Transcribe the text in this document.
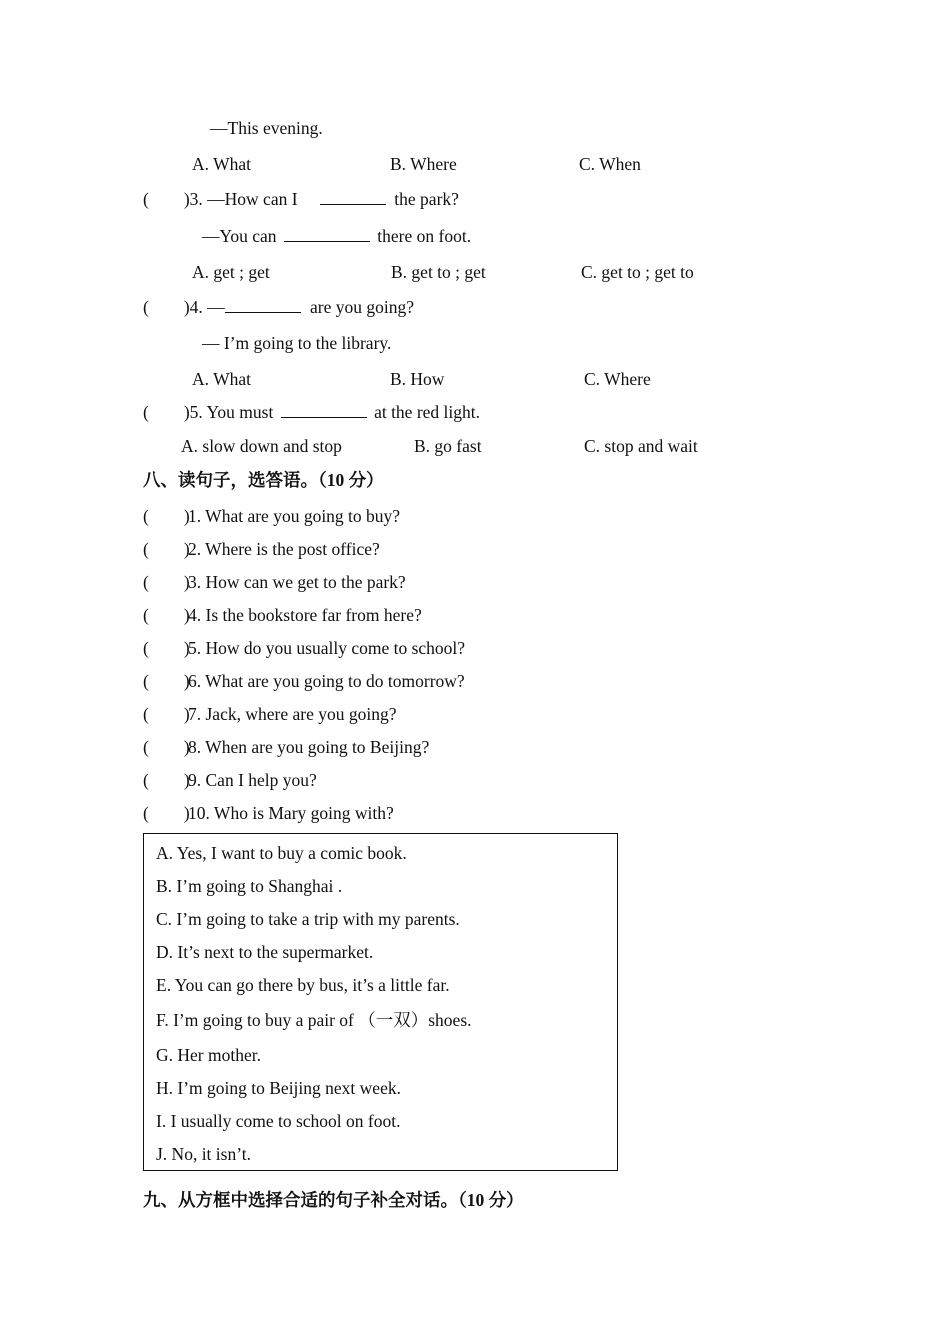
—This evening.
A. What	B. Where	C. When
(        )3. —How can I	the park?
—You can	there on foot.
A. get ; get	B. get to ; get	C. get to ; get to
(        )4. —	are you going?
— I’m going to the library.
A. What	B. How	C. Where
(        )5. You must	at the red light.
A. slow down and stop	B. go fast	C. stop and wait
八、读句子，选答语。（10 分）
(        )
1. What are you going to buy?
(        )
2. Where is the post office?
(        )
3. How can we get to the park?
(        )
4. Is the bookstore far from here?
(        )
5. How do you usually come to school?
(        )
6. What are you going to do tomorrow?
(        )
7. Jack, where are you going?
(        )
8. When are you going to Beijing?
(        )
9. Can I help you?
(        )
10. Who is Mary going with?
A. Yes, I want to buy a comic book.
B. I’m going to Shanghai .
C. I’m going to take a trip with my parents.
D. It’s next to the supermarket.
E. You can go there by bus, it’s a little far.
F. I’m going to buy a pair of （一双）shoes.
G. Her mother.
H. I’m going to Beijing next week.
I. I usually come to school on foot.
J. No, it isn’t.
九、从方框中选择合适的句子补全对话。（10 分）
